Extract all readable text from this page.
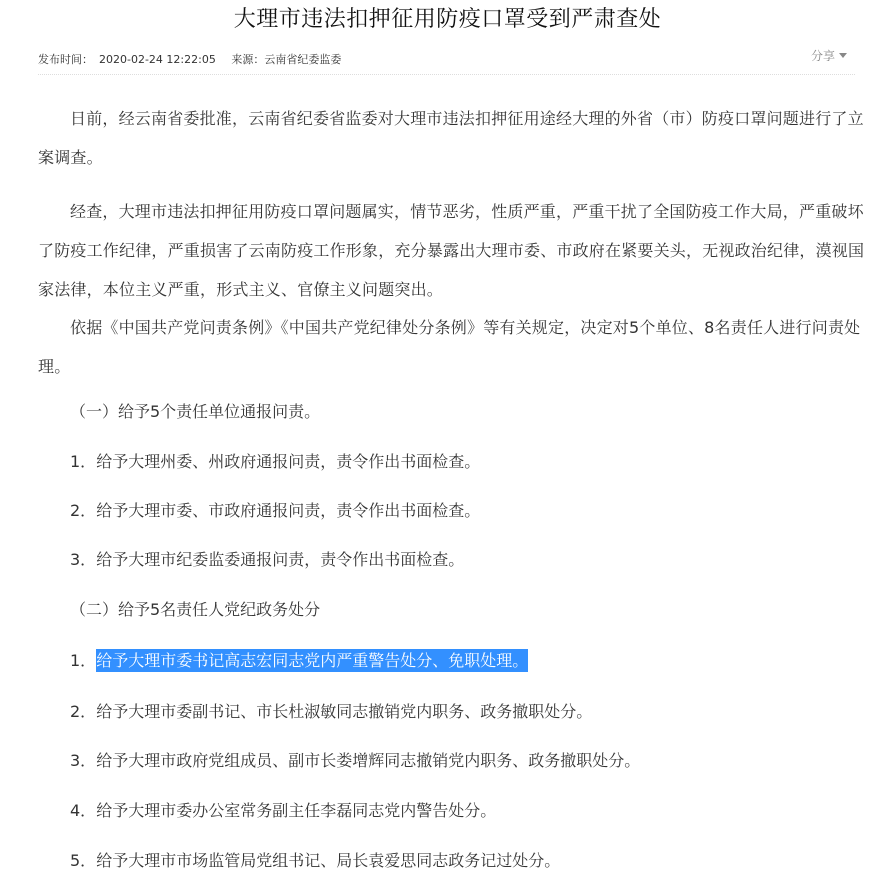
大理市违法扣押征用防疫口罩受到严肃查处
发布时间： 2020-02-24 12:22:05 来源：云南省纪委监委	分享

日前，经云南省委批准，云南省纪委省监委对大理市违法扣押征用途经大理的外省（市）防疫口罩问题进行了立案调查。

经查，大理市违法扣押征用防疫口罩问题属实，情节恶劣，性质严重，严重干扰了全国防疫工作大局，严重破坏了防疫工作纪律，严重损害了云南防疫工作形象，充分暴露出大理市委、市政府在紧要关头，无视政治纪律，漠视国家法律，本位主义严重，形式主义、官僚主义问题突出。

依据《中国共产党问责条例》《中国共产党纪律处分条例》等有关规定，决定对5个单位、8名责任人进行问责处理。

（一）给予5个责任单位通报问责。
1．给予大理州委、州政府通报问责，责令作出书面检查。
2．给予大理市委、市政府通报问责，责令作出书面检查。
3．给予大理市纪委监委通报问责，责令作出书面检查。
（二）给予5名责任人党纪政务处分
1．给予大理市委书记高志宏同志党内严重警告处分、免职处理。
2．给予大理市委副书记、市长杜淑敏同志撤销党内职务、政务撤职处分。
3．给予大理市政府党组成员、副市长娄增辉同志撤销党内职务、政务撤职处分。
4．给予大理市委办公室常务副主任李磊同志党内警告处分。
5．给予大理市市场监管局党组书记、局长袁爱思同志政务记过处分。
